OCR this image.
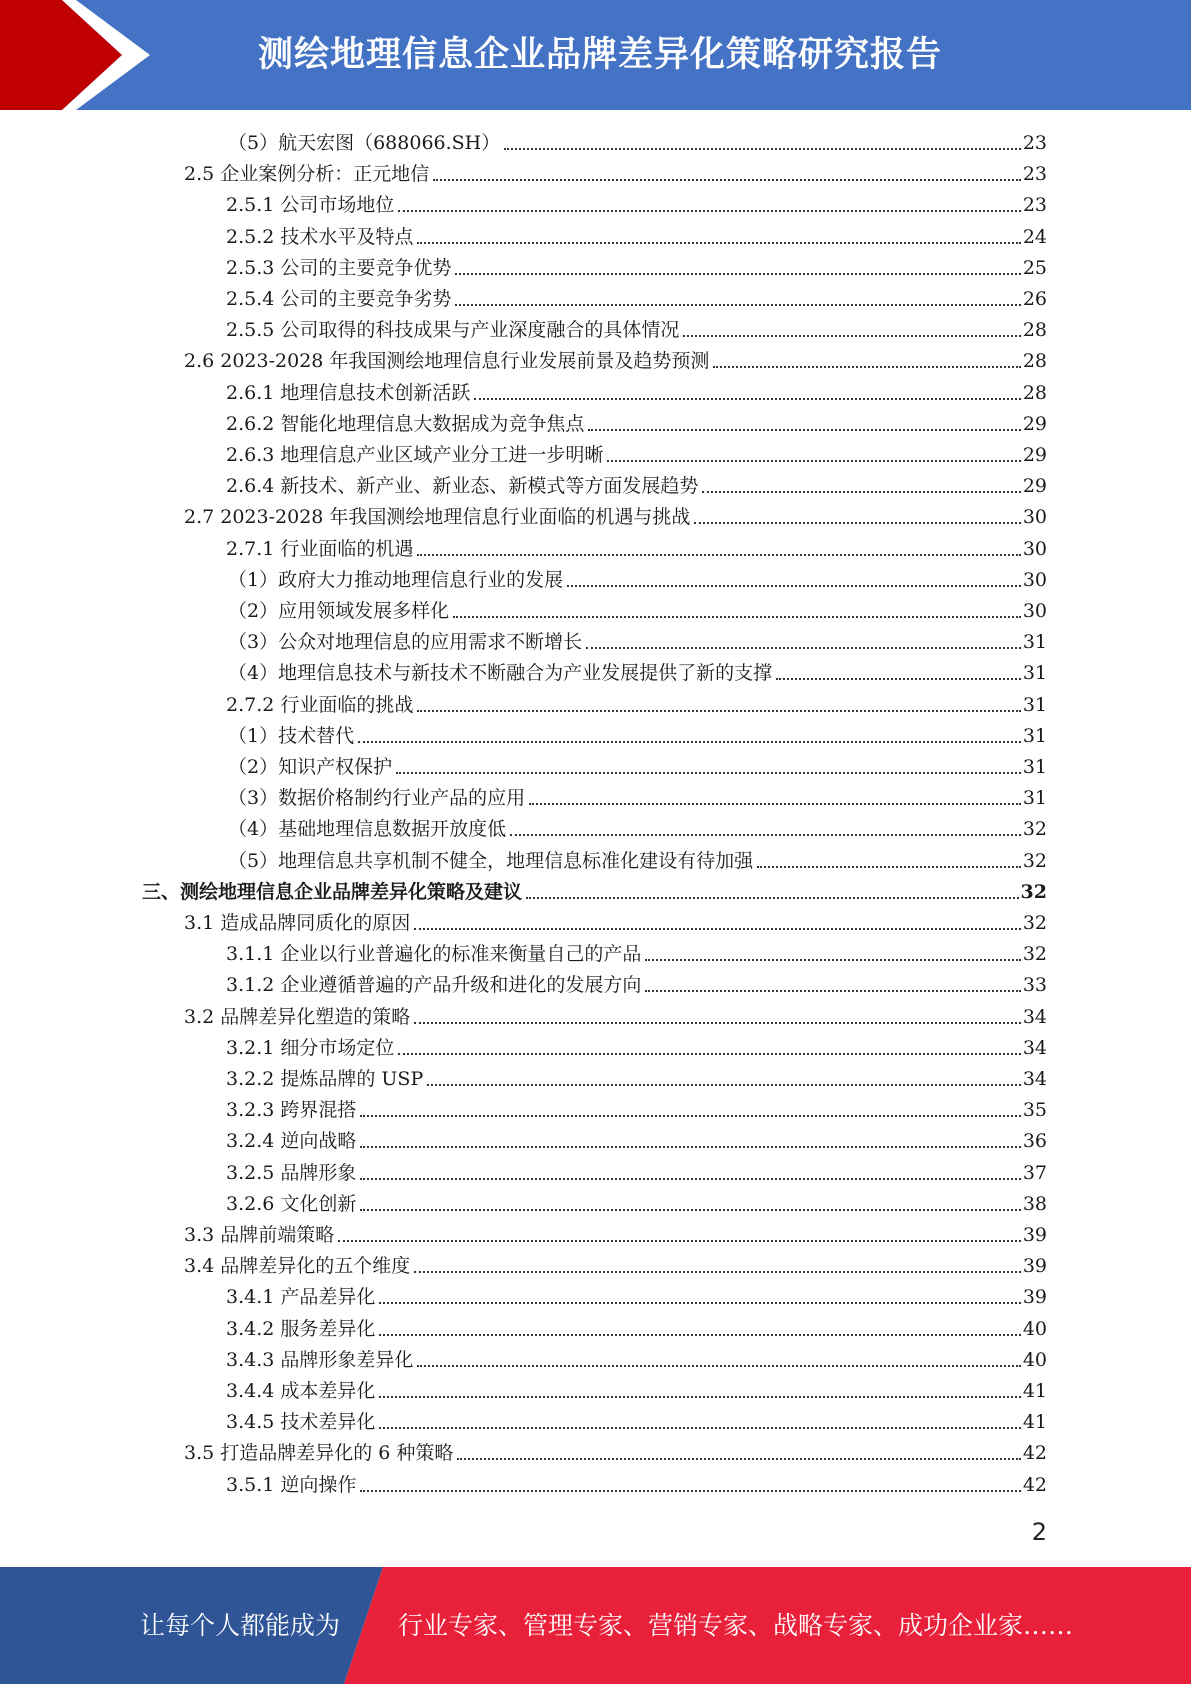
测绘地理信息企业品牌差异化策略研究报告
（5）航天宏图（688066.SH）	23
2.5 企业案例分析：正元地信	23
2.5.1 公司市场地位	23
2.5.2 技术水平及特点	24
2.5.3 公司的主要竞争优势	25
2.5.4 公司的主要竞争劣势	26
2.5.5 公司取得的科技成果与产业深度融合的具体情况	28
2.6 2023-2028 年我国测绘地理信息行业发展前景及趋势预测	28
2.6.1 地理信息技术创新活跃	28
2.6.2 智能化地理信息大数据成为竞争焦点	29
2.6.3 地理信息产业区域产业分工进一步明晰	29
2.6.4 新技术、新产业、新业态、新模式等方面发展趋势	29
2.7 2023-2028 年我国测绘地理信息行业面临的机遇与挑战	30
2.7.1 行业面临的机遇	30
（1）政府大力推动地理信息行业的发展	30
（2）应用领域发展多样化	30
（3）公众对地理信息的应用需求不断增长	31
（4）地理信息技术与新技术不断融合为产业发展提供了新的支撑	31
2.7.2 行业面临的挑战	31
（1）技术替代	31
（2）知识产权保护	31
（3）数据价格制约行业产品的应用	31
（4）基础地理信息数据开放度低	32
（5）地理信息共享机制不健全，地理信息标准化建设有待加强	32
三、测绘地理信息企业品牌差异化策略及建议	32
3.1 造成品牌同质化的原因	32
3.1.1 企业以行业普遍化的标准来衡量自己的产品	32
3.1.2 企业遵循普遍的产品升级和进化的发展方向	33
3.2 品牌差异化塑造的策略	34
3.2.1 细分市场定位	34
3.2.2 提炼品牌的 USP	34
3.2.3 跨界混搭	35
3.2.4 逆向战略	36
3.2.5 品牌形象	37
3.2.6 文化创新	38
3.3 品牌前端策略	39
3.4 品牌差异化的五个维度	39
3.4.1 产品差异化	39
3.4.2 服务差异化	40
3.4.3 品牌形象差异化	40
3.4.4 成本差异化	41
3.4.5 技术差异化	41
3.5 打造品牌差异化的 6 种策略	42
3.5.1 逆向操作	42
2
让每个人都能成为 行业专家、管理专家、营销专家、战略专家、成功企业家……
